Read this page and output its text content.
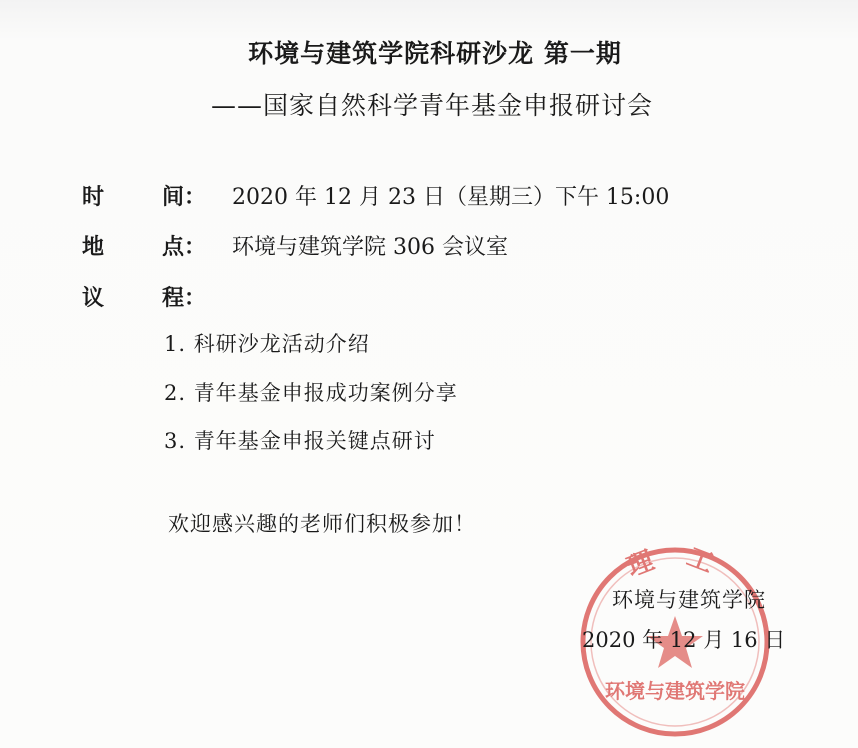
环境与建筑学院科研沙龙 第一期
——国家自然科学青年基金申报研讨会
时	间： 2020 年 12 月 23 日（星期三）下午 15:00
地	点： 环境与建筑学院 306 会议室
议	程：
1. 科研沙龙活动介绍
2. 青年基金申报成功案例分享
3. 青年基金申报关键点研讨
欢迎感兴趣的老师们积极参加！
理 工
环境与建筑学院
环境与建筑学院
2020 年 12 月 16 日
